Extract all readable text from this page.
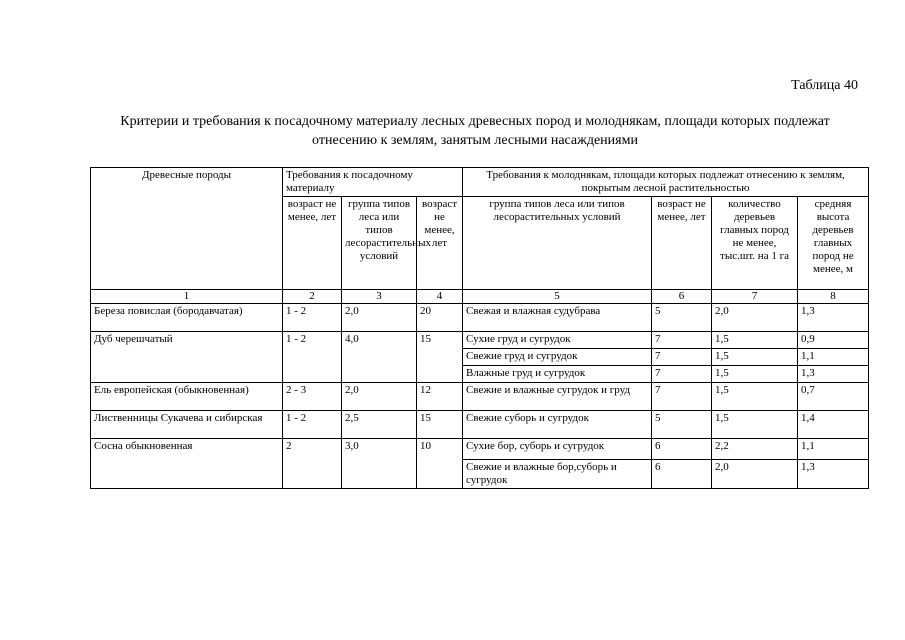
Таблица 40
Критерии и требования к посадочному материалу лесных древесных пород и молоднякам, площади которых подлежат
отнесению к землям, занятым лесными насаждениями
Древесные породы	Требования к посадочному материалу			Требования к молоднякам, площади которых подлежат отнесению к землям, покрытым лесной растительностью			
	возраст не менее, лет	группа типов леса или типов лесорастительных условий	возраст не менее, лет	группа типов леса или типов лесорастительных условий	возраст не менее, лет	количество деревьев главных пород не менее, тыс.шт. на 1 га	средняя высота деревьев главных пород не менее, м
1	2	3	4	5	6	7	8
Береза повислая (бородавчатая)	1 - 2	2,0	20	Свежая и влажная судубрава	5	2,0	1,3
Дуб черешчатый	1 - 2	4,0	15	Сухие груд и сугрудок	7	1,5	0,9
				Свежие груд и сугрудок	7	1,5	1,1
				Влажные груд и сугрудок	7	1,5	1,3
Ель европейская (обыкновенная)	2 - 3	2,0	12	Свежие и влажные сугрудок и груд	7	1,5	0,7
Лиственницы Сукачева и сибирская	1 - 2	2,5	15	Свежие суборь и сугрудок	5	1,5	1,4
Сосна обыкновенная	2	3,0	10	Сухие бор, суборь и сугрудок	6	2,2	1,1
				Свежие и влажные бор,суборь и сугрудок	6	2,0	1,3
